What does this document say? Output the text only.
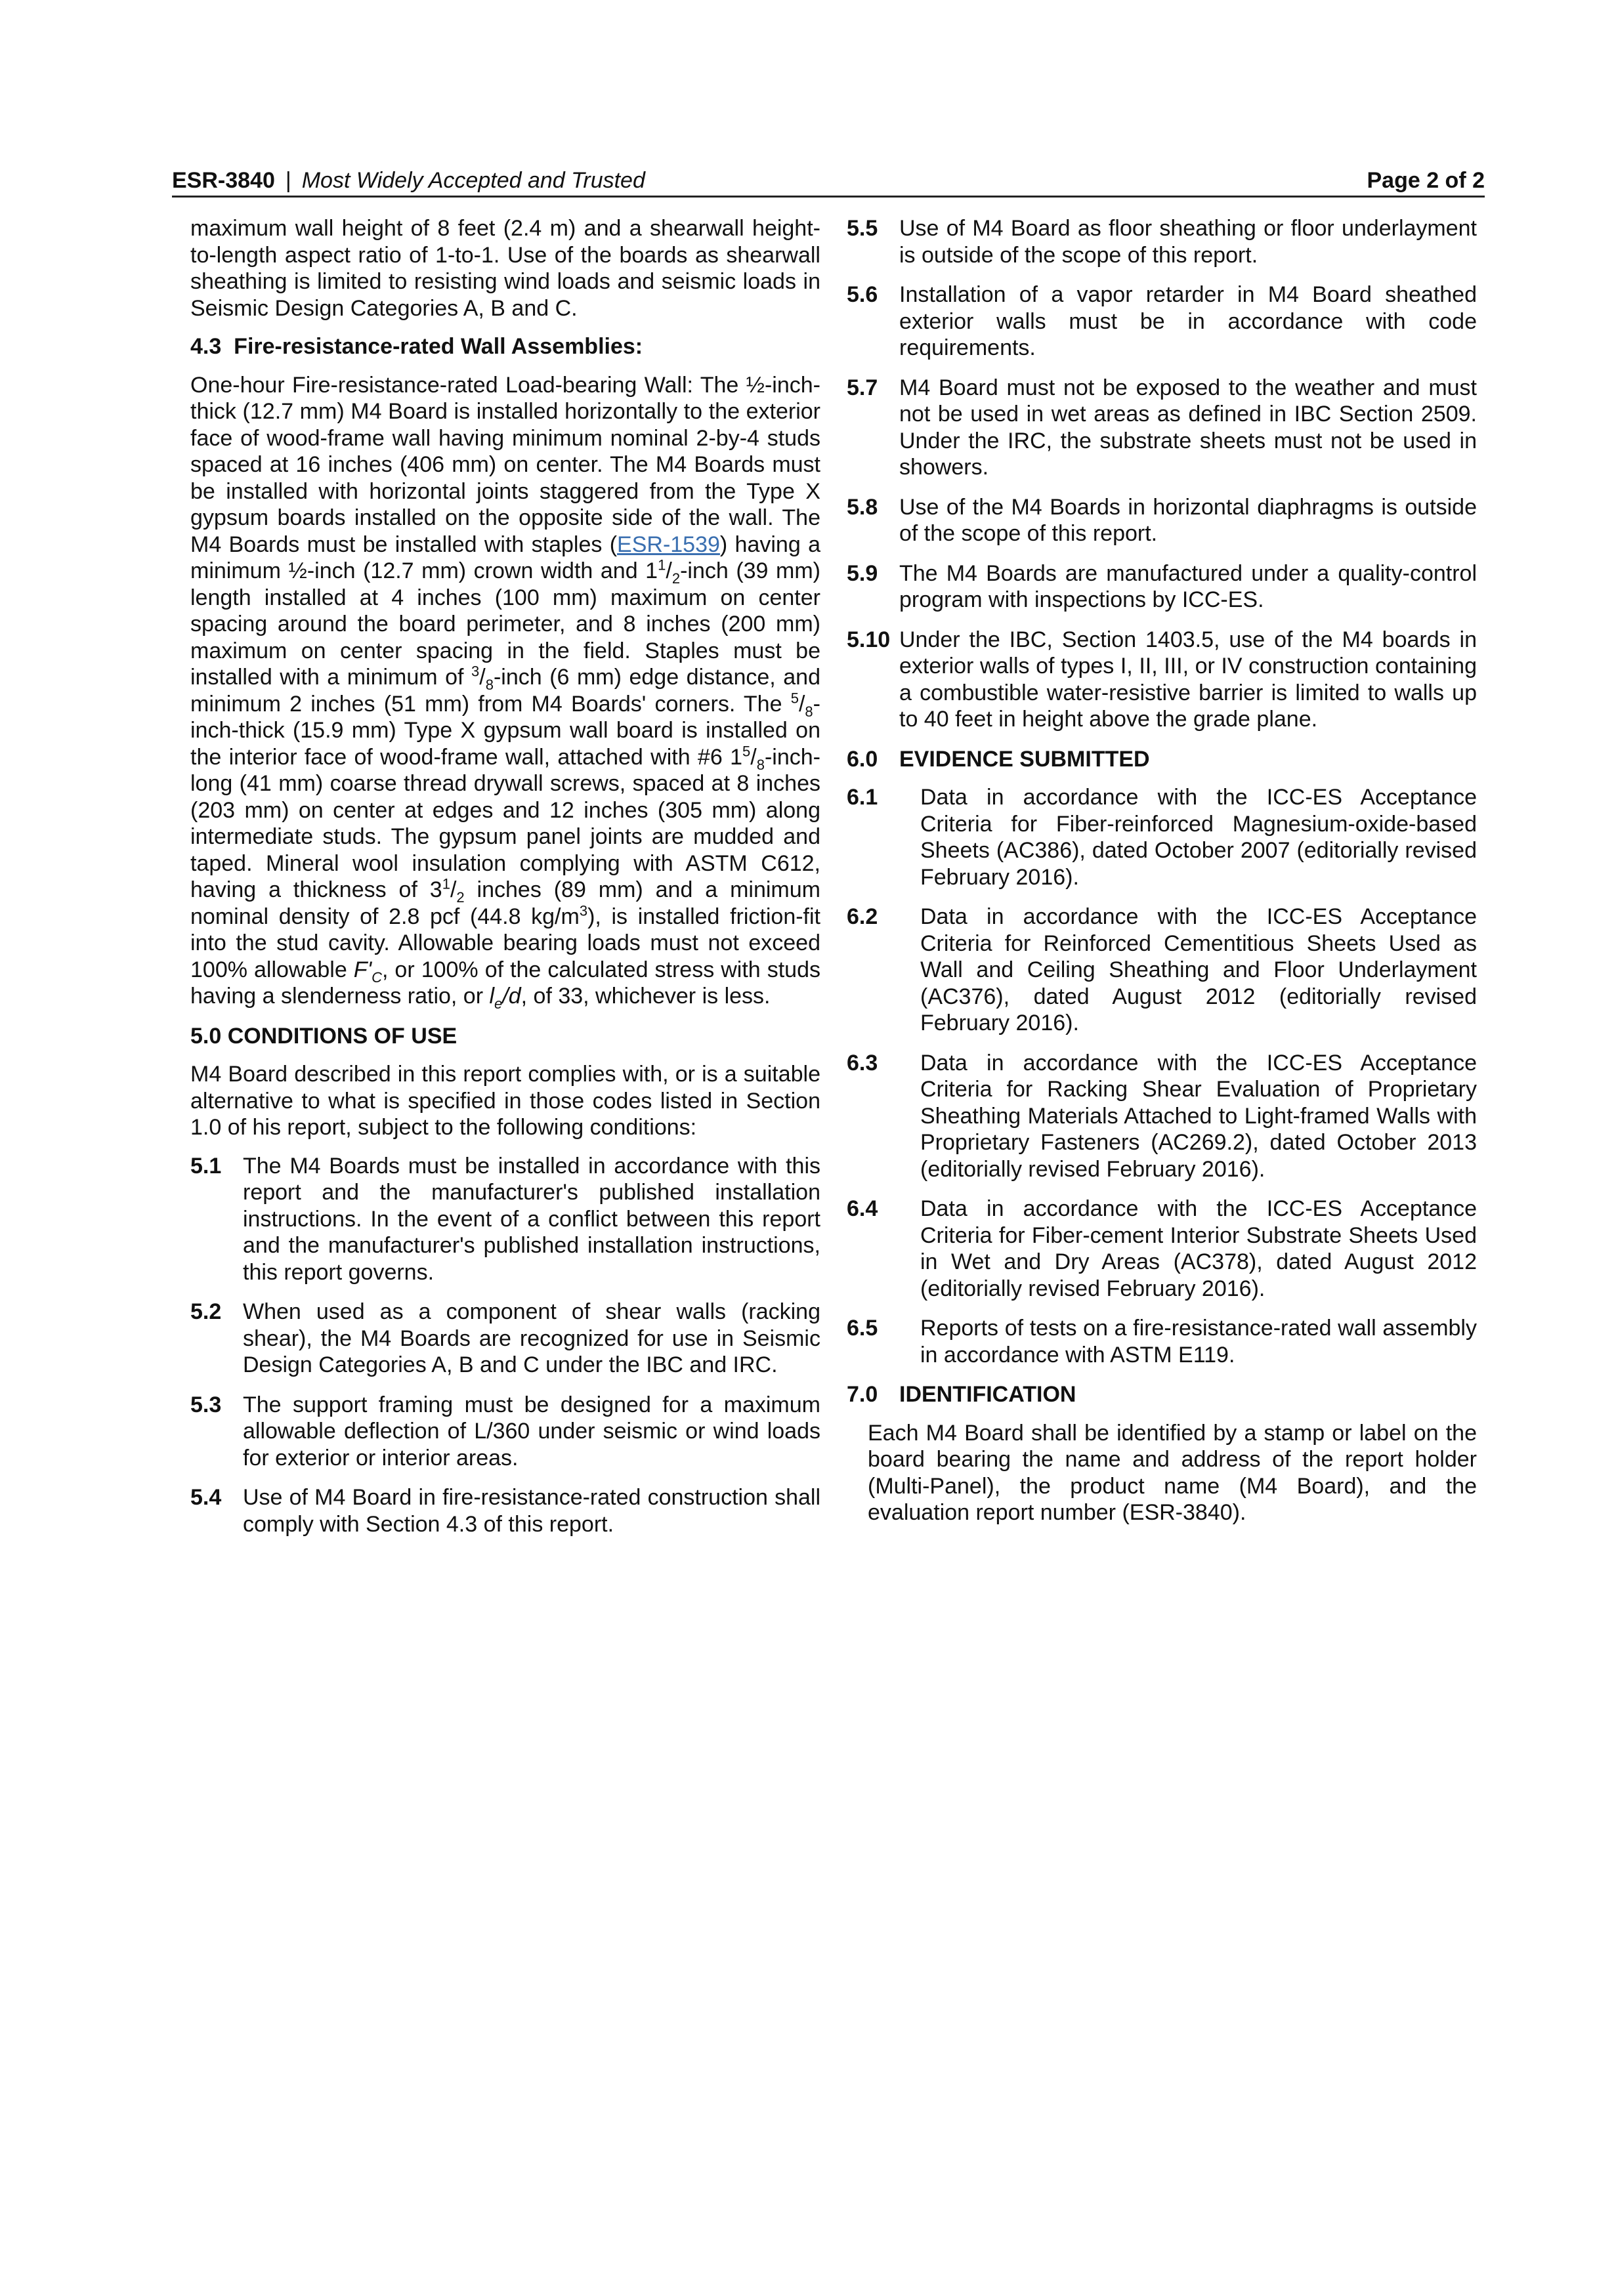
ESR-3840 | Most Widely Accepted and Trusted	Page 2 of 2

maximum wall height of 8 feet (2.4 m) and a shearwall height-to-length aspect ratio of 1-to-1. Use of the boards as shearwall sheathing is limited to resisting wind loads and seismic loads in Seismic Design Categories A, B and C.

4.3 Fire-resistance-rated Wall Assemblies:

One-hour Fire-resistance-rated Load-bearing Wall: The ½-inch-thick (12.7 mm) M4 Board is installed horizontally to the exterior face of wood-frame wall having minimum nominal 2-by-4 studs spaced at 16 inches (406 mm) on center. The M4 Boards must be installed with horizontal joints staggered from the Type X gypsum boards installed on the opposite side of the wall. The M4 Boards must be installed with staples (ESR-1539) having a minimum ½-inch (12.7 mm) crown width and $1^1/_2$-inch (39 mm) length installed at 4 inches (100 mm) maximum on center spacing around the board perimeter, and 8 inches (200 mm) maximum on center spacing in the field. Staples must be installed with a minimum of $^3/_8$-inch (6 mm) edge distance, and minimum 2 inches (51 mm) from M4 Boards' corners. The $^5/_8-inch$-thick (15.9 mm) Type X gypsum wall board is installed on the interior face of wood-frame wall, attached with #6 $1^5/_8-inch$-long (41 mm) coarse thread drywall screws, spaced at 8 inches (203 mm) on center at edges and 12 inches (305 mm) along intermediate studs. The gypsum panel joints are mudded and taped. Mineral wool insulation complying with ASTM C612, having a thickness of $3^1/_2$ inches (89 mm) and a minimum nominal density of 2.8 pcf (44.8 $kg/m^3$), is installed friction-fit into the stud cavity. Allowable bearing loads must not exceed 100% allowable $F'_C$, or 100% of the calculated stress with studs having a slenderness ratio, or $l_e/d$, of 33, whichever is less.

5.0 CONDITIONS OF USE

M4 Board described in this report complies with, or is a suitable alternative to what is specified in those codes listed in Section 1.0 of his report, subject to the following conditions:

5.1 The M4 Boards must be installed in accordance with this report and the manufacturer's published installation instructions. In the event of a conflict between this report and the manufacturer's published installation instructions, this report governs.
5.2 When used as a component of shear walls (racking shear), the M4 Boards are recognized for use in Seismic Design Categories A, B and C under the IBC and IRC.
5.3 The support framing must be designed for a maximum allowable deflection of L/360 under seismic or wind loads for exterior or interior areas.
5.4 Use of M4 Board in fire-resistance-rated construction shall comply with Section 4.3 of this report.
5.5 Use of M4 Board as floor sheathing or floor underlayment is outside of the scope of this report.
5.6 Installation of a vapor retarder in M4 Board sheathed exterior walls must be in accordance with code requirements.
5.7 M4 Board must not be exposed to the weather and must not be used in wet areas as defined in IBC Section 2509. Under the IRC, the substrate sheets must not be used in showers.
5.8 Use of the M4 Boards in horizontal diaphragms is outside of the scope of this report.
5.9 The M4 Boards are manufactured under a quality-control program with inspections by ICC-ES.
5.10 Under the IBC, Section 1403.5, use of the M4 boards in exterior walls of types I, II, III, or IV construction containing a combustible water-resistive barrier is limited to walls up to 40 feet in height above the grade plane.
6.0 EVIDENCE SUBMITTED
6.1 Data in accordance with the ICC-ES Acceptance Criteria for Fiber-reinforced Magnesium-oxide-based Sheets (AC386), dated October 2007 (editorially revised February 2016).
6.2 Data in accordance with the ICC-ES Acceptance Criteria for Reinforced Cementitious Sheets Used as Wall and Ceiling Sheathing and Floor Underlayment (AC376), dated August 2012 (editorially revised February 2016).
6.3 Data in accordance with the ICC-ES Acceptance Criteria for Racking Shear Evaluation of Proprietary Sheathing Materials Attached to Light-framed Walls with Proprietary Fasteners (AC269.2), dated October 2013 (editorially revised February 2016).
6.4 Data in accordance with the ICC-ES Acceptance Criteria for Fiber-cement Interior Substrate Sheets Used in Wet and Dry Areas (AC378), dated August 2012 (editorially revised February 2016).
6.5 Reports of tests on a fire-resistance-rated wall assembly in accordance with ASTM E119.
7.0 IDENTIFICATION

Each M4 Board shall be identified by a stamp or label on the board bearing the name and address of the report holder (Multi-Panel), the product name (M4 Board), and the evaluation report number (ESR-3840).
